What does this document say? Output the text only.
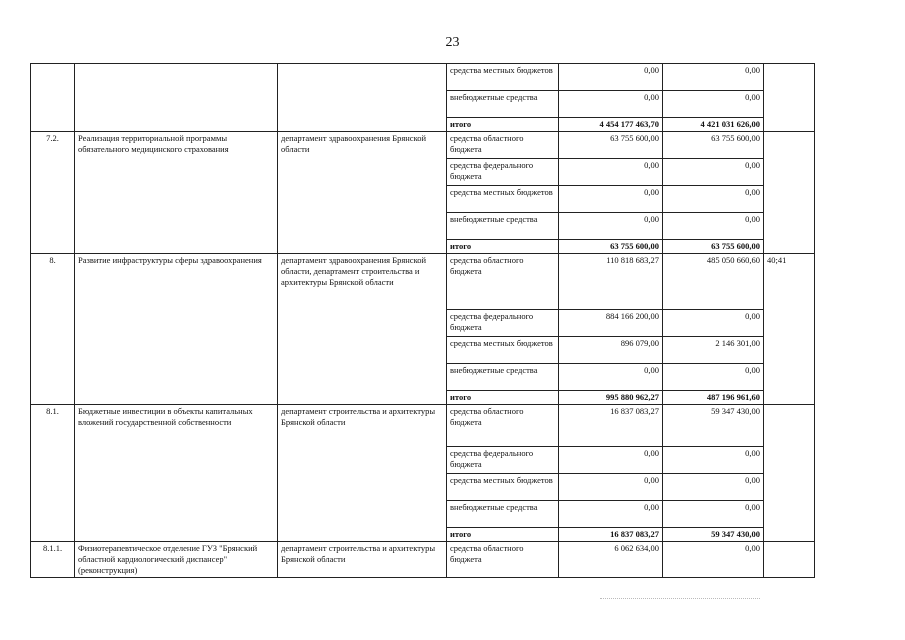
23
			средства местных бюджетов	0,00	0,00	
			внебюджетные средства	0,00	0,00	
			итого	4 454 177 463,70	4 421 031 626,00	
7.2.	Реализация территориальной программы обязательного медицинского страхования	департамент здравоохранения Брянской области	средства областного бюджета	63 755 600,00	63 755 600,00	
			средства федерального бюджета	0,00	0,00	
			средства местных бюджетов	0,00	0,00	
			внебюджетные средства	0,00	0,00	
			итого	63 755 600,00	63 755 600,00	
8.	Развитие инфраструктуры сферы здравоохранения	департамент здравоохранения Брянской области, департамент строительства и архитектуры Брянской области	средства областного бюджета	110 818 683,27	485 050 660,60	40;41
			средства федерального бюджета	884 166 200,00	0,00	
			средства местных бюджетов	896 079,00	2 146 301,00	
			внебюджетные средства	0,00	0,00	
			итого	995 880 962,27	487 196 961,60	
8.1.	Бюджетные инвестиции в объекты капитальных вложений государственной собственности	департамент строительства и архитектуры Брянской области	средства областного бюджета	16 837 083,27	59 347 430,00	
			средства федерального бюджета	0,00	0,00	
			средства местных бюджетов	0,00	0,00	
			внебюджетные средства	0,00	0,00	
			итого	16 837 083,27	59 347 430,00	
8.1.1.	Физиотерапевтическое отделение ГУЗ "Брянский областной кардиологический диспансер" (реконструкция)	департамент строительства и архитектуры Брянской области	средства областного бюджета	6 062 634,00	0,00	
